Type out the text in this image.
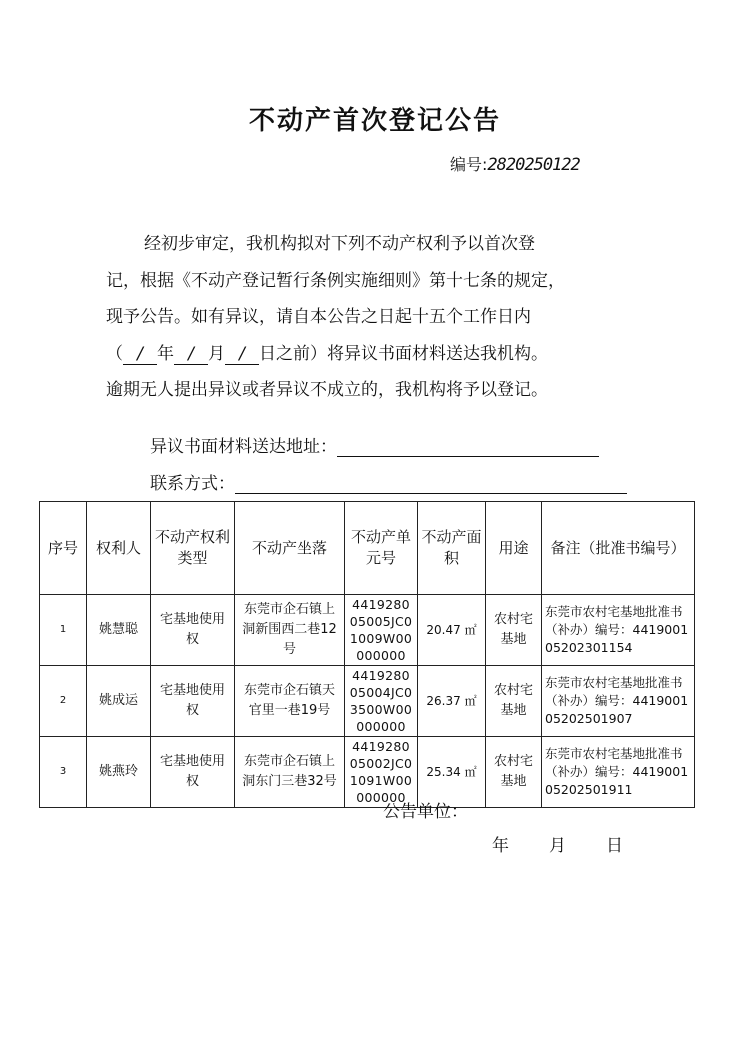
不动产首次登记公告
编号:2820250122
经初步审定，我机构拟对下列不动产权利予以首次登
记，根据《不动产登记暂行条例实施细则》第十七条的规定，
现予公告。如有异议，请自本公告之日起十五个工作日内
（ / 年 / 月 / 日之前）将异议书面材料送达我机构。
逾期无人提出异议或者异议不成立的，我机构将予以登记。
异议书面材料送达地址：
联系方式：
序号	权利人	不动产权利类型	不动产坐落	不动产单元号	不动产面积	用途	备注（批准书编号）
1	姚慧聪	宅基地使用权	东莞市企石镇上洞新围西二巷12号	441928005005JC01009W00000000	20.47 ㎡	农村宅基地	东莞市农村宅基地批准书（补办）编号：441900105202301154
2	姚成运	宅基地使用权	东莞市企石镇天官里一巷19号	441928005004JC03500W00000000	26.37 ㎡	农村宅基地	东莞市农村宅基地批准书（补办）编号：441900105202501907
3	姚燕玲	宅基地使用权	东莞市企石镇上洞东门三巷32号	441928005002JC01091W00000000	25.34 ㎡	农村宅基地	东莞市农村宅基地批准书（补办）编号：441900105202501911
公告单位：
年 月 日
